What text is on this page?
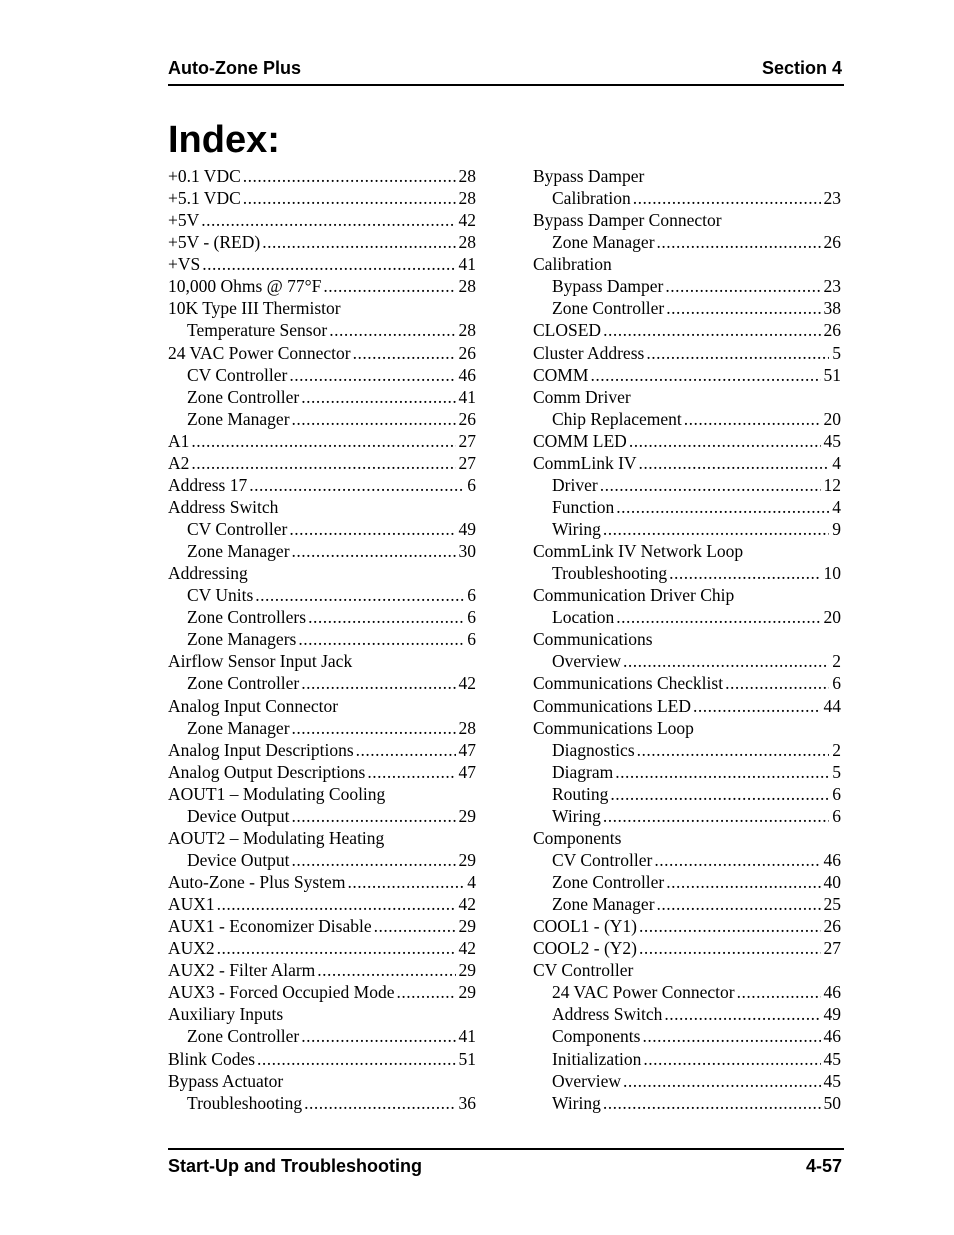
Auto-Zone Plus	Section 4
Index:
+0.1 VDC .....	28
+5.1 VDC .....	28
+5V .....	42
+5V - (RED) .....	28
+VS .....	41
10,000 Ohms @ 77°F .....	28
10K Type III Thermistor
Temperature Sensor .....	28
24 VAC Power Connector .....	26
CV Controller .....	46
Zone Controller .....	41
Zone Manager .....	26
A1 .....	27
A2 .....	27
Address 17 .....	6
Address Switch
CV Controller .....	49
Zone Manager .....	30
Addressing
CV Units .....	6
Zone Controllers .....	6
Zone Managers .....	6
Airflow Sensor Input Jack
Zone Controller .....	42
Analog Input Connector
Zone Manager .....	28
Analog Input Descriptions .....	47
Analog Output Descriptions .....	47
AOUT1 – Modulating Cooling
Device Output .....	29
AOUT2 – Modulating Heating
Device Output .....	29
Auto-Zone - Plus System .....	4
AUX1 .....	42
AUX1 - Economizer Disable .....	29
AUX2 .....	42
AUX2 - Filter Alarm .....	29
AUX3 - Forced Occupied Mode .....	29
Auxiliary Inputs
Zone Controller .....	41
Blink Codes .....	51
Bypass Actuator
Troubleshooting .....	36
Bypass Damper
Calibration .....	23
Bypass Damper Connector
Zone Manager .....	26
Calibration
Bypass Damper .....	23
Zone Controller .....	38
CLOSED .....	26
Cluster Address .....	5
COMM .....	51
Comm Driver
Chip Replacement .....	20
COMM LED .....	45
CommLink IV .....	4
Driver .....	12
Function .....	4
Wiring .....	9
CommLink IV Network Loop
Troubleshooting .....	10
Communication Driver Chip
Location .....	20
Communications
Overview .....	2
Communications Checklist .....	6
Communications LED .....	44
Communications Loop
Diagnostics .....	2
Diagram .....	5
Routing .....	6
Wiring .....	6
Components
CV Controller .....	46
Zone Controller .....	40
Zone Manager .....	25
COOL1 - (Y1) .....	26
COOL2 - (Y2) .....	27
CV Controller
24 VAC Power Connector .....	46
Address Switch .....	49
Components .....	46
Initialization .....	45
Overview .....	45
Wiring .....	50
Start-Up and Troubleshooting	4-57
